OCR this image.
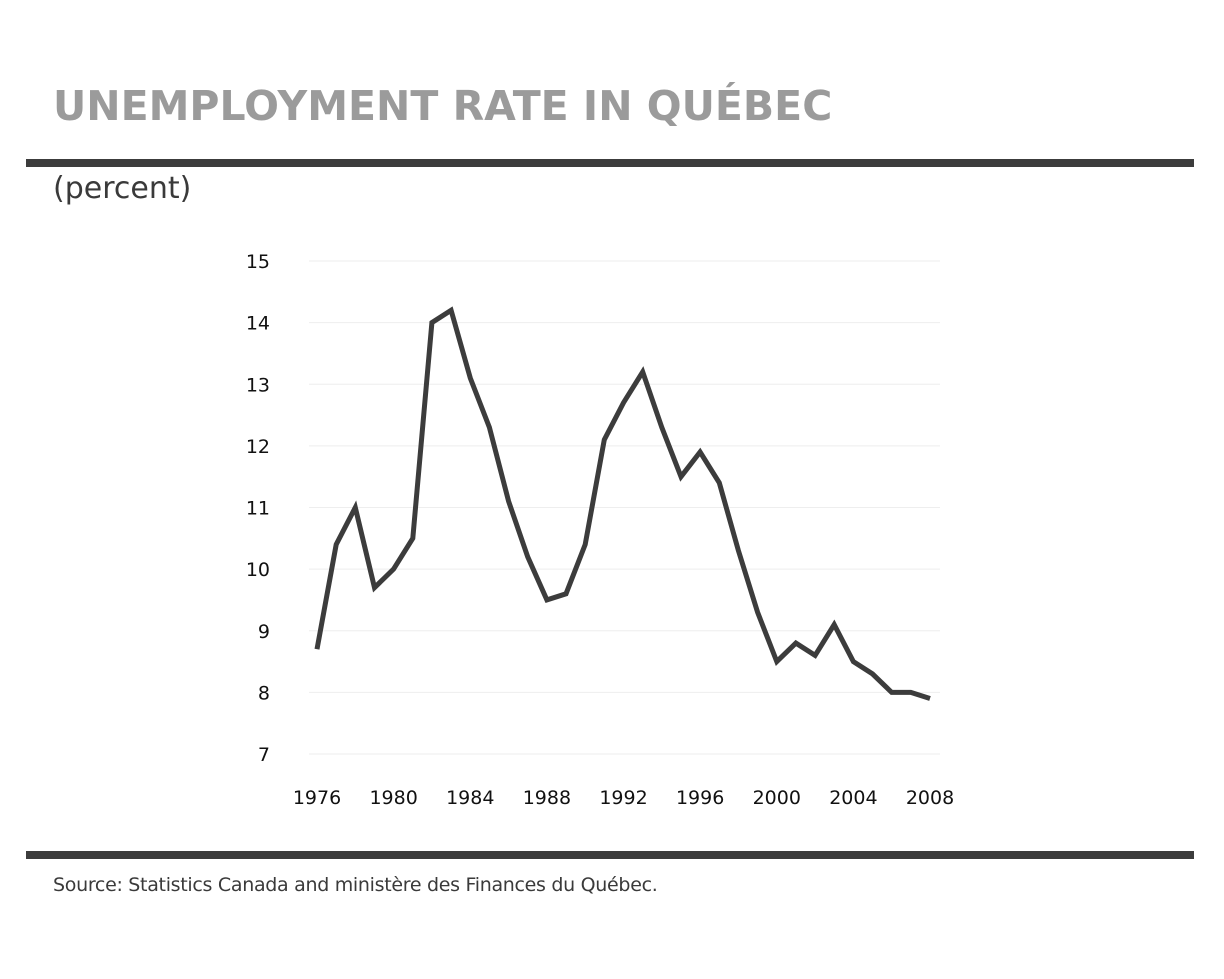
UNEMPLOYMENT RATE IN QUÉBEC
(percent)
7
8
9
10
11
12
13
14
15
1976 1980 1984 1988 1992 1996 2000 2004 2008
Source: Statistics Canada and ministère des Finances du Québec.
